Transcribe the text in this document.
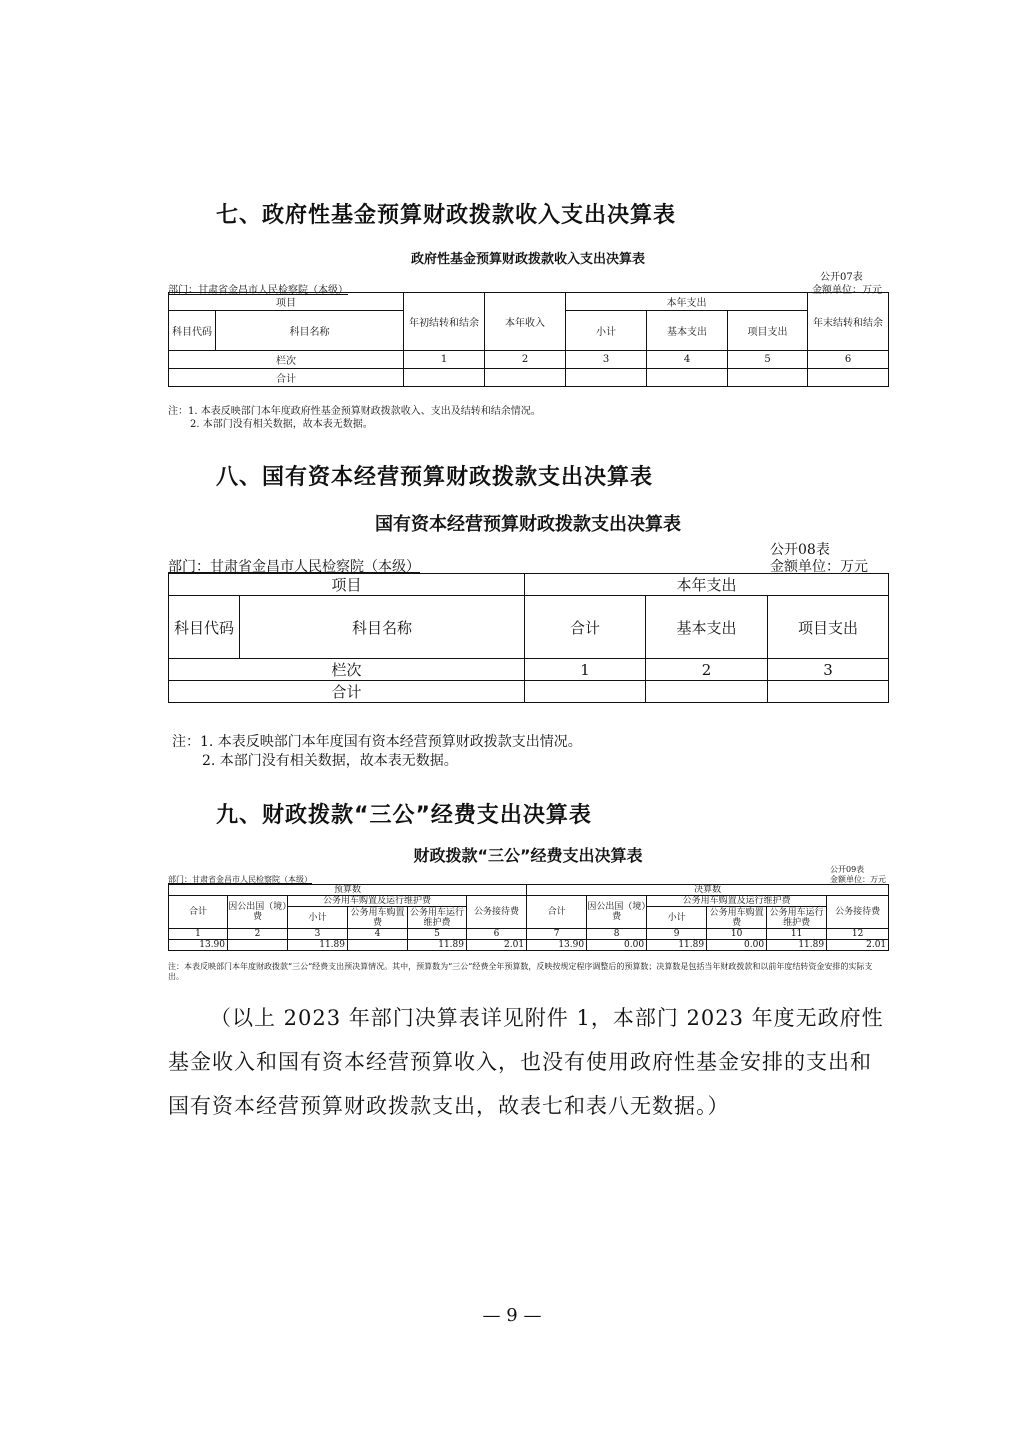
七、政府性基金预算财政拨款收入支出决算表
政府性基金预算财政拨款收入支出决算表
公开07表
部门：甘肃省金昌市人民检察院（本级）	金额单位：万元
项目		年初结转和结余	本年收入	本年支出			年末结转和结余
科目代码	科目名称			小计	基本支出	项目支出	
栏次		1	2	3	4	5	6
合计							
注：1. 本表反映部门本年度政府性基金预算财政拨款收入、支出及结转和结余情况。
2. 本部门没有相关数据，故本表无数据。
八、国有资本经营预算财政拨款支出决算表
国有资本经营预算财政拨款支出决算表
公开08表
部门：甘肃省金昌市人民检察院（本级）	金额单位：万元
项目		本年支出		
科目代码	科目名称	合计	基本支出	项目支出
栏次		1	2	3
合计				
注：1. 本表反映部门本年度国有资本经营预算财政拨款支出情况。
2. 本部门没有相关数据，故本表无数据。
九、财政拨款“三公”经费支出决算表
财政拨款“三公”经费支出决算表
公开09表
部门：甘肃省金昌市人民检察院（本级）	金额单位：万元
预算数						决算数					
合计	因公出国（境）费	公务用车购置及运行维护费			公务接待费	合计	因公出国（境）费	公务用车购置及运行维护费			公务接待费
		小计	公务用车购置费	公务用车运行维护费				小计	公务用车购置费	公务用车运行维护费	
1	2	3	4	5	6	7	8	9	10	11	12
13.90		11.89		11.89	2.01	13.90	0.00	11.89	0.00	11.89	2.01
注：本表反映部门本年度财政拨款“三公”经费支出预决算情况。其中，预算数为“三公”经费全年预算数，反映按规定程序调整后的预算数；决算数是包括当年财政拨款和以前年度结转资金安排的实际支出。
（以上 2023 年部门决算表详见附件 1，本部门 2023 年度无政府性基金收入和国有资本经营预算收入，也没有使用政府性基金安排的支出和国有资本经营预算财政拨款支出，故表七和表八无数据。）
— 9 —
